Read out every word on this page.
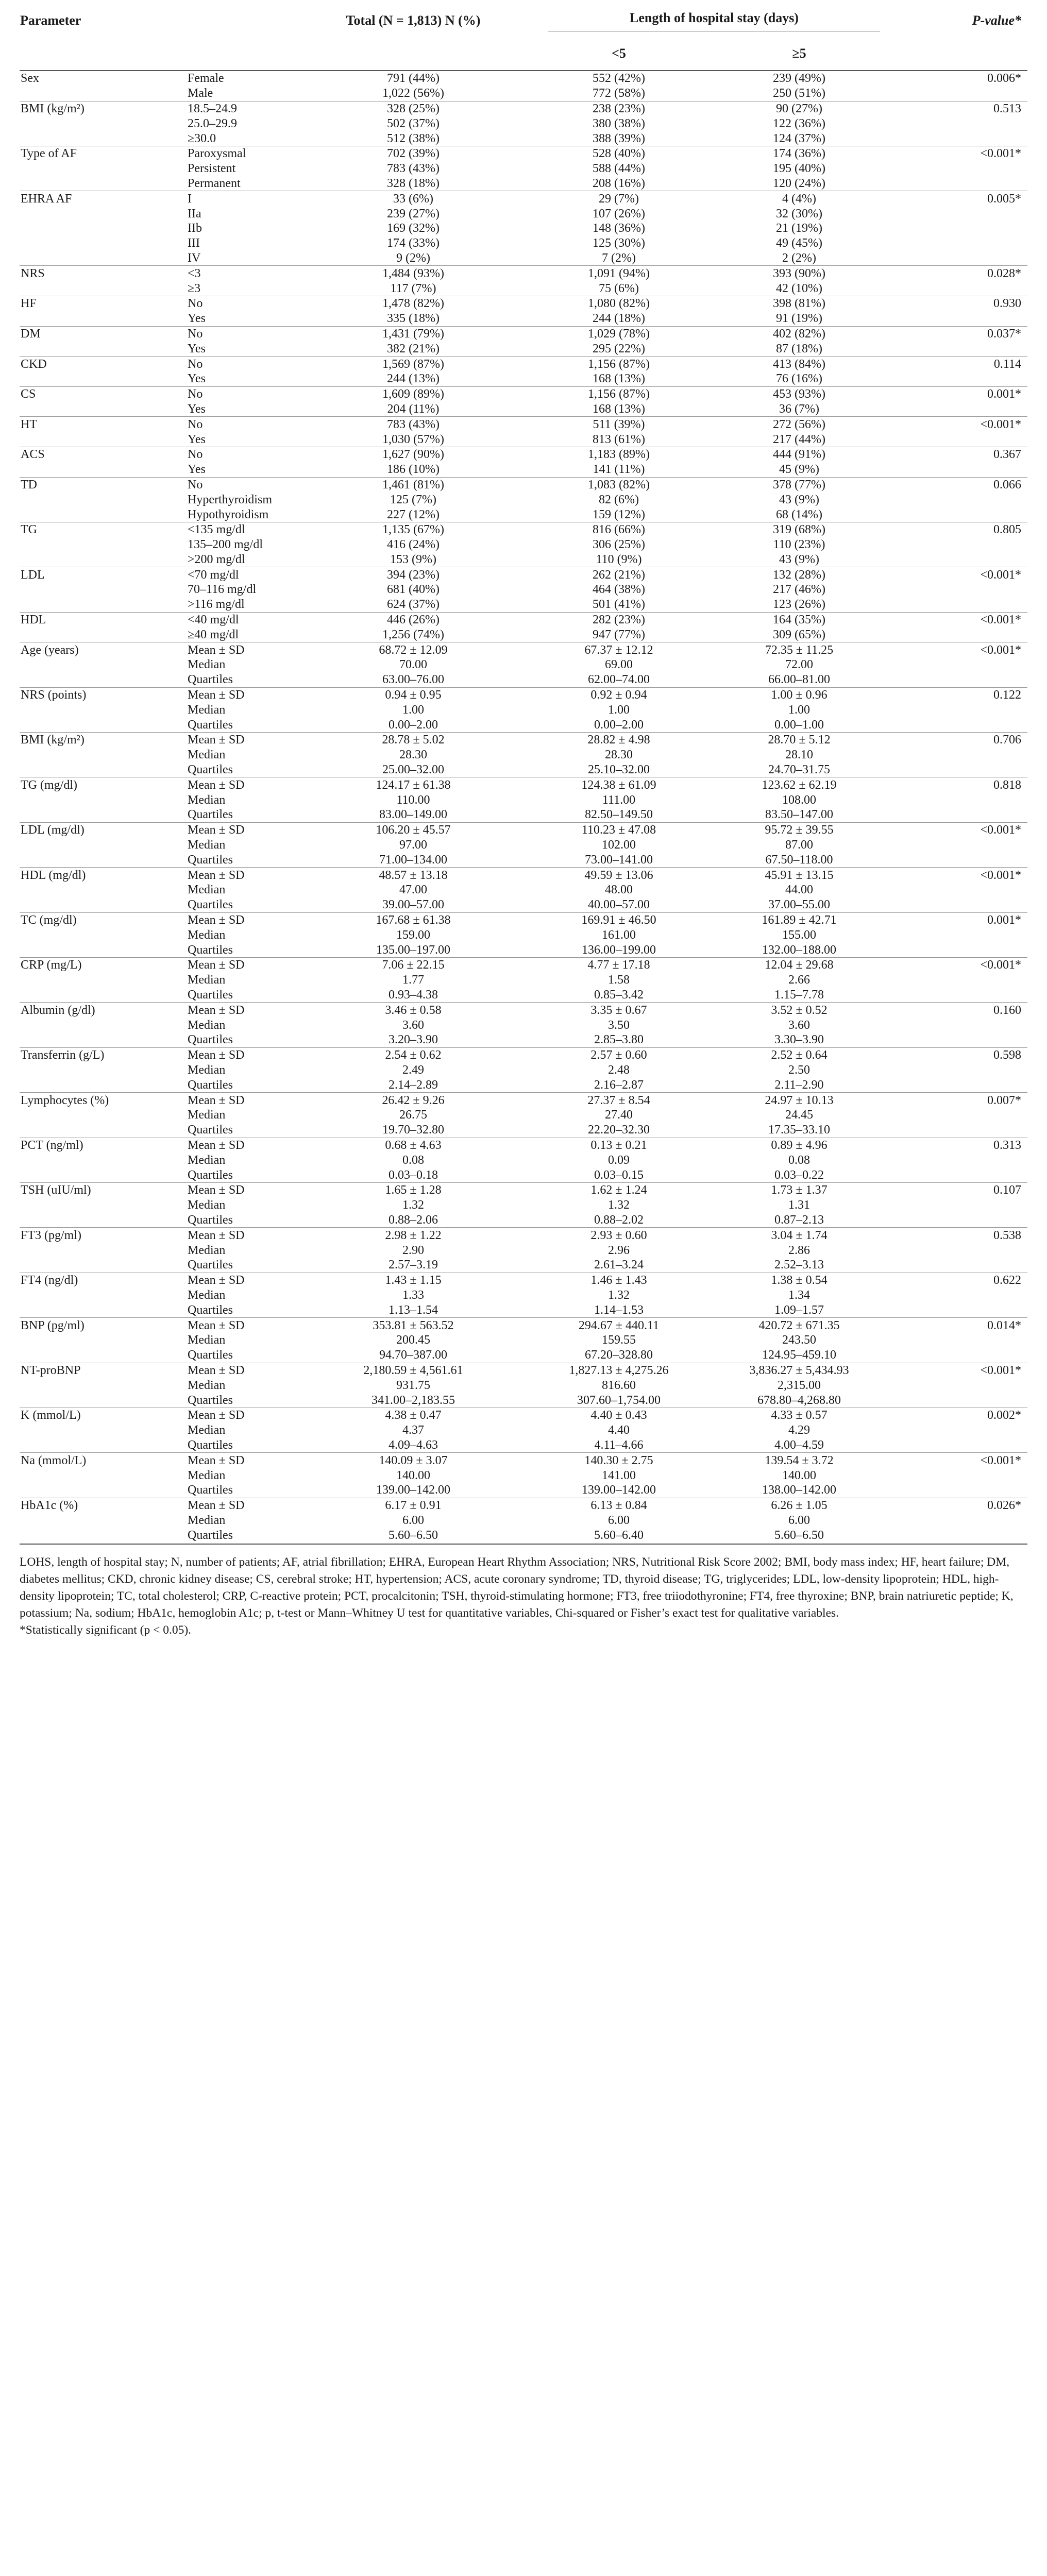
Parameter		Total (N = 1,813) N (%)	Length of hospital stay (days)		P-value*
			<5	≥5	
Sex	Female	791 (44%)	552 (42%)	239 (49%)	0.006*
	Male	1,022 (56%)	772 (58%)	250 (51%)	
BMI (kg/m²)	18.5–24.9	328 (25%)	238 (23%)	90 (27%)	0.513
	25.0–29.9	502 (37%)	380 (38%)	122 (36%)	
	≥30.0	512 (38%)	388 (39%)	124 (37%)	
Type of AF	Paroxysmal	702 (39%)	528 (40%)	174 (36%)	<0.001*
	Persistent	783 (43%)	588 (44%)	195 (40%)	
	Permanent	328 (18%)	208 (16%)	120 (24%)	
EHRA AF	I	33 (6%)	29 (7%)	4 (4%)	0.005*
	IIa	239 (27%)	107 (26%)	32 (30%)	
	IIb	169 (32%)	148 (36%)	21 (19%)	
	III	174 (33%)	125 (30%)	49 (45%)	
	IV	9 (2%)	7 (2%)	2 (2%)	
NRS	<3	1,484 (93%)	1,091 (94%)	393 (90%)	0.028*
	≥3	117 (7%)	75 (6%)	42 (10%)	
HF	No	1,478 (82%)	1,080 (82%)	398 (81%)	0.930
	Yes	335 (18%)	244 (18%)	91 (19%)	
DM	No	1,431 (79%)	1,029 (78%)	402 (82%)	0.037*
	Yes	382 (21%)	295 (22%)	87 (18%)	
CKD	No	1,569 (87%)	1,156 (87%)	413 (84%)	0.114
	Yes	244 (13%)	168 (13%)	76 (16%)	
CS	No	1,609 (89%)	1,156 (87%)	453 (93%)	0.001*
	Yes	204 (11%)	168 (13%)	36 (7%)	
HT	No	783 (43%)	511 (39%)	272 (56%)	<0.001*
	Yes	1,030 (57%)	813 (61%)	217 (44%)	
ACS	No	1,627 (90%)	1,183 (89%)	444 (91%)	0.367
	Yes	186 (10%)	141 (11%)	45 (9%)	
TD	No	1,461 (81%)	1,083 (82%)	378 (77%)	0.066
	Hyperthyroidism	125 (7%)	82 (6%)	43 (9%)	
	Hypothyroidism	227 (12%)	159 (12%)	68 (14%)	
TG	<135 mg/dl	1,135 (67%)	816 (66%)	319 (68%)	0.805
	135–200 mg/dl	416 (24%)	306 (25%)	110 (23%)	
	>200 mg/dl	153 (9%)	110 (9%)	43 (9%)	
LDL	<70 mg/dl	394 (23%)	262 (21%)	132 (28%)	<0.001*
	70–116 mg/dl	681 (40%)	464 (38%)	217 (46%)	
	>116 mg/dl	624 (37%)	501 (41%)	123 (26%)	
HDL	<40 mg/dl	446 (26%)	282 (23%)	164 (35%)	<0.001*
	≥40 mg/dl	1,256 (74%)	947 (77%)	309 (65%)	
Age (years)	Mean ± SD	68.72 ± 12.09	67.37 ± 12.12	72.35 ± 11.25	<0.001*
	Median	70.00	69.00	72.00	
	Quartiles	63.00–76.00	62.00–74.00	66.00–81.00	
NRS (points)	Mean ± SD	0.94 ± 0.95	0.92 ± 0.94	1.00 ± 0.96	0.122
	Median	1.00	1.00	1.00	
	Quartiles	0.00–2.00	0.00–2.00	0.00–1.00	
BMI (kg/m²)	Mean ± SD	28.78 ± 5.02	28.82 ± 4.98	28.70 ± 5.12	0.706
	Median	28.30	28.30	28.10	
	Quartiles	25.00–32.00	25.10–32.00	24.70–31.75	
TG (mg/dl)	Mean ± SD	124.17 ± 61.38	124.38 ± 61.09	123.62 ± 62.19	0.818
	Median	110.00	111.00	108.00	
	Quartiles	83.00–149.00	82.50–149.50	83.50–147.00	
LDL (mg/dl)	Mean ± SD	106.20 ± 45.57	110.23 ± 47.08	95.72 ± 39.55	<0.001*
	Median	97.00	102.00	87.00	
	Quartiles	71.00–134.00	73.00–141.00	67.50–118.00	
HDL (mg/dl)	Mean ± SD	48.57 ± 13.18	49.59 ± 13.06	45.91 ± 13.15	<0.001*
	Median	47.00	48.00	44.00	
	Quartiles	39.00–57.00	40.00–57.00	37.00–55.00	
TC (mg/dl)	Mean ± SD	167.68 ± 61.38	169.91 ± 46.50	161.89 ± 42.71	0.001*
	Median	159.00	161.00	155.00	
	Quartiles	135.00–197.00	136.00–199.00	132.00–188.00	
CRP (mg/L)	Mean ± SD	7.06 ± 22.15	4.77 ± 17.18	12.04 ± 29.68	<0.001*
	Median	1.77	1.58	2.66	
	Quartiles	0.93–4.38	0.85–3.42	1.15–7.78	
Albumin (g/dl)	Mean ± SD	3.46 ± 0.58	3.35 ± 0.67	3.52 ± 0.52	0.160
	Median	3.60	3.50	3.60	
	Quartiles	3.20–3.90	2.85–3.80	3.30–3.90	
Transferrin (g/L)	Mean ± SD	2.54 ± 0.62	2.57 ± 0.60	2.52 ± 0.64	0.598
	Median	2.49	2.48	2.50	
	Quartiles	2.14–2.89	2.16–2.87	2.11–2.90	
Lymphocytes (%)	Mean ± SD	26.42 ± 9.26	27.37 ± 8.54	24.97 ± 10.13	0.007*
	Median	26.75	27.40	24.45	
	Quartiles	19.70–32.80	22.20–32.30	17.35–33.10	
PCT (ng/ml)	Mean ± SD	0.68 ± 4.63	0.13 ± 0.21	0.89 ± 4.96	0.313
	Median	0.08	0.09	0.08	
	Quartiles	0.03–0.18	0.03–0.15	0.03–0.22	
TSH (uIU/ml)	Mean ± SD	1.65 ± 1.28	1.62 ± 1.24	1.73 ± 1.37	0.107
	Median	1.32	1.32	1.31	
	Quartiles	0.88–2.06	0.88–2.02	0.87–2.13	
FT3 (pg/ml)	Mean ± SD	2.98 ± 1.22	2.93 ± 0.60	3.04 ± 1.74	0.538
	Median	2.90	2.96	2.86	
	Quartiles	2.57–3.19	2.61–3.24	2.52–3.13	
FT4 (ng/dl)	Mean ± SD	1.43 ± 1.15	1.46 ± 1.43	1.38 ± 0.54	0.622
	Median	1.33	1.32	1.34	
	Quartiles	1.13–1.54	1.14–1.53	1.09–1.57	
BNP (pg/ml)	Mean ± SD	353.81 ± 563.52	294.67 ± 440.11	420.72 ± 671.35	0.014*
	Median	200.45	159.55	243.50	
	Quartiles	94.70–387.00	67.20–328.80	124.95–459.10	
NT-proBNP	Mean ± SD	2,180.59 ± 4,561.61	1,827.13 ± 4,275.26	3,836.27 ± 5,434.93	<0.001*
	Median	931.75	816.60	2,315.00	
	Quartiles	341.00–2,183.55	307.60–1,754.00	678.80–4,268.80	
K (mmol/L)	Mean ± SD	4.38 ± 0.47	4.40 ± 0.43	4.33 ± 0.57	0.002*
	Median	4.37	4.40	4.29	
	Quartiles	4.09–4.63	4.11–4.66	4.00–4.59	
Na (mmol/L)	Mean ± SD	140.09 ± 3.07	140.30 ± 2.75	139.54 ± 3.72	<0.001*
	Median	140.00	141.00	140.00	
	Quartiles	139.00–142.00	139.00–142.00	138.00–142.00	
HbA1c (%)	Mean ± SD	6.17 ± 0.91	6.13 ± 0.84	6.26 ± 1.05	0.026*
	Median	6.00	6.00	6.00	
	Quartiles	5.60–6.50	5.60–6.40	5.60–6.50	

LOHS, length of hospital stay; N, number of patients; AF, atrial fibrillation; EHRA, European Heart Rhythm Association; NRS, Nutritional Risk Score 2002; BMI, body mass index; HF, heart failure; DM, diabetes mellitus; CKD, chronic kidney disease; CS, cerebral stroke; HT, hypertension; ACS, acute coronary syndrome; TD, thyroid disease; TG, triglycerides; LDL, low-density lipoprotein; HDL, high-density lipoprotein; TC, total cholesterol; CRP, C-reactive protein; PCT, procalcitonin; TSH, thyroid-stimulating hormone; FT3, free triiodothyronine; FT4, free thyroxine; BNP, brain natriuretic peptide; K, potassium; Na, sodium; HbA1c, hemoglobin A1c; p, t-test or Mann–Whitney U test for quantitative variables, Chi-squared or Fisher’s exact test for qualitative variables.

*Statistically significant (p < 0.05).
